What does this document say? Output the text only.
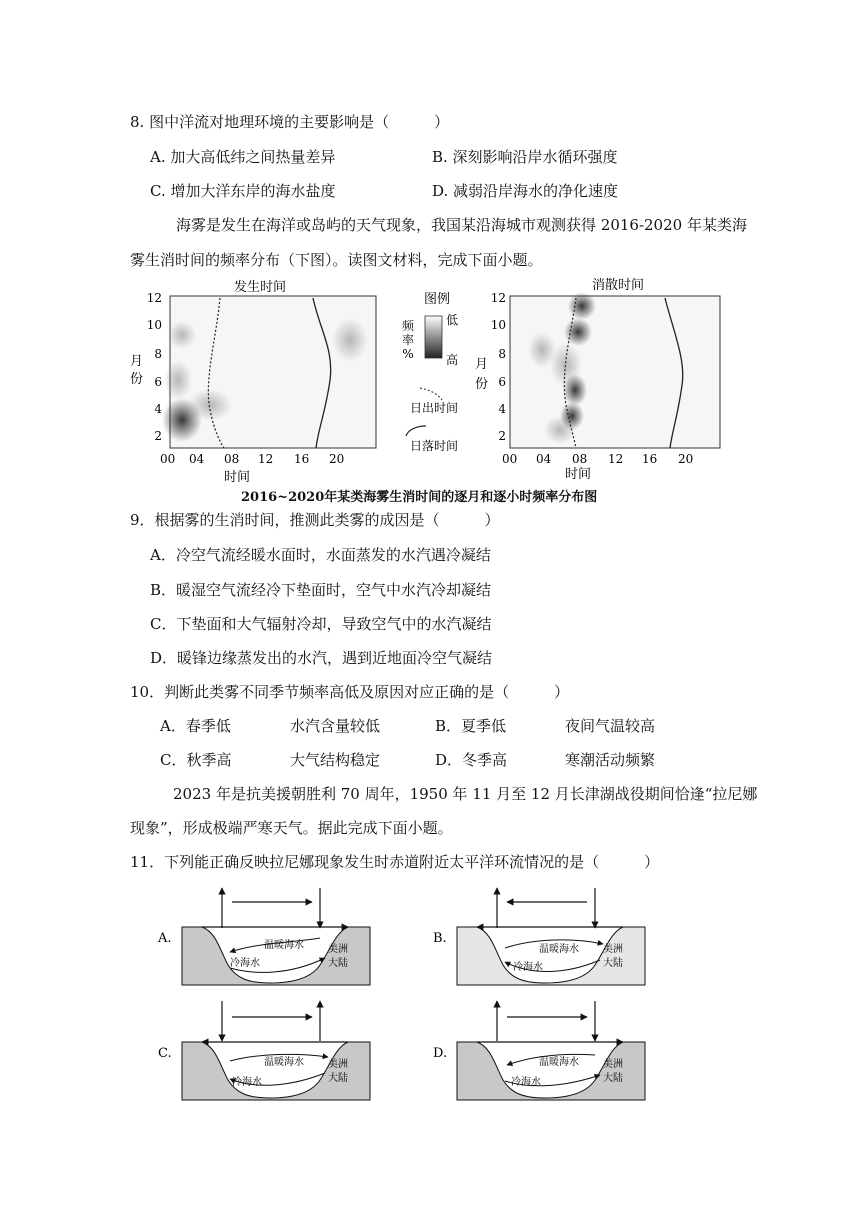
8. 图中洋流对地理环境的主要影响是（　　　）
A. 加大高低纬之间热量差异	B. 深刻影响沿岸水循环强度
C. 增加大洋东岸的海水盐度	D. 减弱沿岸海水的净化速度
海雾是发生在海洋或岛屿的天气现象，我国某沿海城市观测获得 2016-2020 年某类海
雾生消时间的频率分布（下图）。读图文材料，完成下面小题。
发生时间
2
4
6
8
10
12
00 04 08 12 16 20
月
份
时间
图例
频
率
%
低
高
日出时间
日落时间
消散时间
2
4
6
8
10
12
00 04 08 12 16 20
月
份
时间
2016~2020年某类海雾生消时间的逐月和逐小时频率分布图
9．根据雾的生消时间，推测此类雾的成因是（　　　）
A．冷空气流经暖水面时，水面蒸发的水汽遇冷凝结
B．暖湿空气流经冷下垫面时，空气中水汽冷却凝结
C．下垫面和大气辐射冷却，导致空气中的水汽凝结
D．暖锋边缘蒸发出的水汽，遇到近地面冷空气凝结
10．判断此类雾不同季节频率高低及原因对应正确的是（　　　）
A．春季低	水汽含量较低	B．夏季低	夜间气温较高
C．秋季高	大气结构稳定	D．冬季高	寒潮活动频繁
2023 年是抗美援朝胜利 70 周年，1950 年 11 月至 12 月长津湖战役期间恰逢“拉尼娜
现象”，形成极端严寒天气。据此完成下面小题。
11．下列能正确反映拉尼娜现象发生时赤道附近太平洋环流情况的是（　　　）
A.	温暖海水
冷海水
美洲
大陆
B.
温暖海水
冷海水
美洲
大陆
C.
温暖海水
冷海水
美洲
大陆
D.
温暖海水
冷海水
美洲
大陆
